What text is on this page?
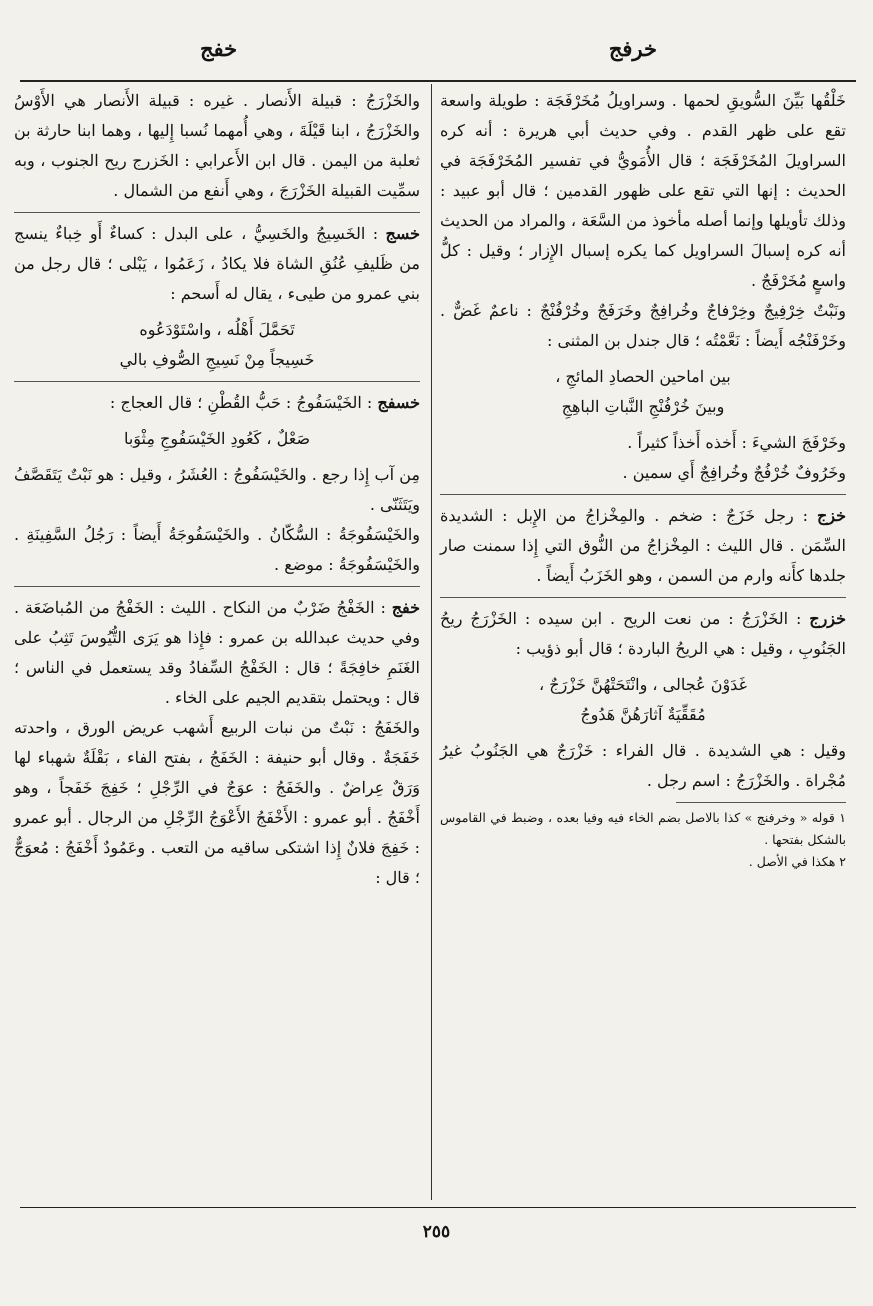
خرفج
خفج

خَلْقُها بَيِّنَ السُّويقِ لحمها . وسراويلُ مُخَرْفَجَة : طويلة واسعة تقع على ظهر القدم . وفي حديث أبي هريرة : أنه كره السراويلَ المُخَرْفَجَة ؛ قال الأُمَويُّ في تفسير المُخَرْفَجَة في الحديث : إنها التي تقع على ظهور القدمين ؛ قال أبو عبيد : وذلك تأويلها وإنما أصله مأخوذ من السَّعَة ، والمراد من الحديث أنه كره إسبالَ السراويل كما يكره إسبال الإِزار ؛ وقيل : كلُّ واسعٍ مُخَرْفَجٌ .

ونَبْتٌ خِرْفِيجٌ وخِرْفاجٌ وخُرافِجٌ وخَرَفَجٌ وخُرْفُنْجٌ : ناعمٌ غَضٌّ . وخَرْفَنْجُه أَيضاً : نَعَّمْتُه ؛ قال جندل بن المثنى :

بين اماحين الحصادِ المائجِ ،

وبينَ خُرْفُنْجِ النَّباتِ الباهِجِ

وخَرْفَجَ الشيءَ : أَخذه أَخذاً كثيراً .

وخَرُوفٌ خُرْفُجٌ وخُرافِجٌ أَي سمين .

خزج : رجل خَزَجٌ : ضخم . والمِخْزاجُ من الإِبل : الشديدة السِّمَن . قال الليث : المِخْزاجُ من النُّوق التي إِذا سمنت صار جلدها كأَنه وارم من السمن ، وهو الخَزَبُ أَيضاً .

خزرج : الخَزْرَجُ : من نعت الريح . ابن سيده : الخَزْرَجُ ريحُ الجَنُوبِ ، وقيل : هي الريحُ الباردة ؛ قال أبو ذؤيب :

غَدَوْنَ عُجالى ، وانْتَحَتْهُنَّ خَزْرَجٌ ،

مُقَقِّيَةٌ آثارَهُنَّ هَدُوجُ

وقيل : هي الشديدة . قال الفراء : خَزْرَجٌ هي الجَنُوبُ غيرُ مُجْراة . والخَزْرَجُ : اسم رجل .

١ قوله « وخرفنج » كذا بالاصل بضم الخاء فيه وفيا بعده ، وضبط في القاموس بالشكل بفتحها .

٢ هكذا في الأصل .

والخَزْرَجُ : قبيلة الأَنصار . غيره : قبيلة الأَنصار هي الأَوْسُ والخَزْرَجُ ، ابنا قَيْلَةَ ، وهي أُمهما نُسبا إِليها ، وهما ابنا حارثة بن ثعلبة من اليمن . قال ابن الأَعرابي : الخَزرج ريح الجنوب ، وبه سمِّيت القبيلة الخَزْرَجَ ، وهي أَنفع من الشمال .

خسج : الخَسِيجُ والخَسِيُّ ، على البدل : كساءٌ أَو خِباءٌ ينسج من ظَليفِ عُنُقِ الشاة فلا يكادُ ، زَعَمُوا ، يَبْلى ؛ قال رجل من بني عمرو من طيىء ، يقال له أَسحم :

تَحَمَّلَ أَهْلُه ، واسْتَوْدَعُوه

خَسِيجاً مِنْ نَسِيجِ الصُّوفِ بالي

خسفج : الخَيْسَفُوجُ : حَبُّ القُطْنِ ؛ قال العجاج :

صَعْلٌ ، كَعُودِ الخَيْسَفُوجِ مِثْوَبا

مِن آب إِذا رجع . والخَيْسَفُوجُ : العُشَرُ ، وقيل : هو نَبْتٌ يَتَقَصَّفُ ويَتَثَنّى .

والخَيْسَفُوجَةُ : السُّكّانُ . والخَيْسَفُوجَةُ أَيضاً : رَجُلُ السَّفِينَةِ . والخَيْسَفُوجَةُ : موضع .

خفج : الخَفْجُ ضَرْبٌ من النكاح . الليث : الخَفْجُ من المُباضَعَة . وفي حديث عبدالله بن عمرو : فإِذا هو يَرَى التُّيُوسَ تَثِبُ على الغَنَمِ خافِجَةً ؛ قال : الخَفْجُ السِّفادُ وقد يستعمل في الناس ؛ قال : ويحتمل بتقديم الجيم على الخاء .

والخَفَجُ : نَبْتٌ من نبات الربيع أَشهب عريض الورق ، واحدته خَفَجَةٌ . وقال أبو حنيفة : الخَفَجُ ، بفتح الفاء ، بَقْلَةٌ شهباء لها وَرَقٌ عِراضٌ . والخَفَجُ : عوَجٌ في الرِّجْلِ ؛ خَفِجَ خَفَجاً ، وهو أَخْفَجُ . أبو عمرو : الأَخْفَجُ الأَعْوَجُ الرِّجْلِ من الرجال . أبو عمرو : خَفِجَ فلانٌ إِذا اشتكى ساقيه من التعب . وعَمُودٌ أَخْفَجُ : مُعوَجٌّ ؛ قال :

٢٥٥
